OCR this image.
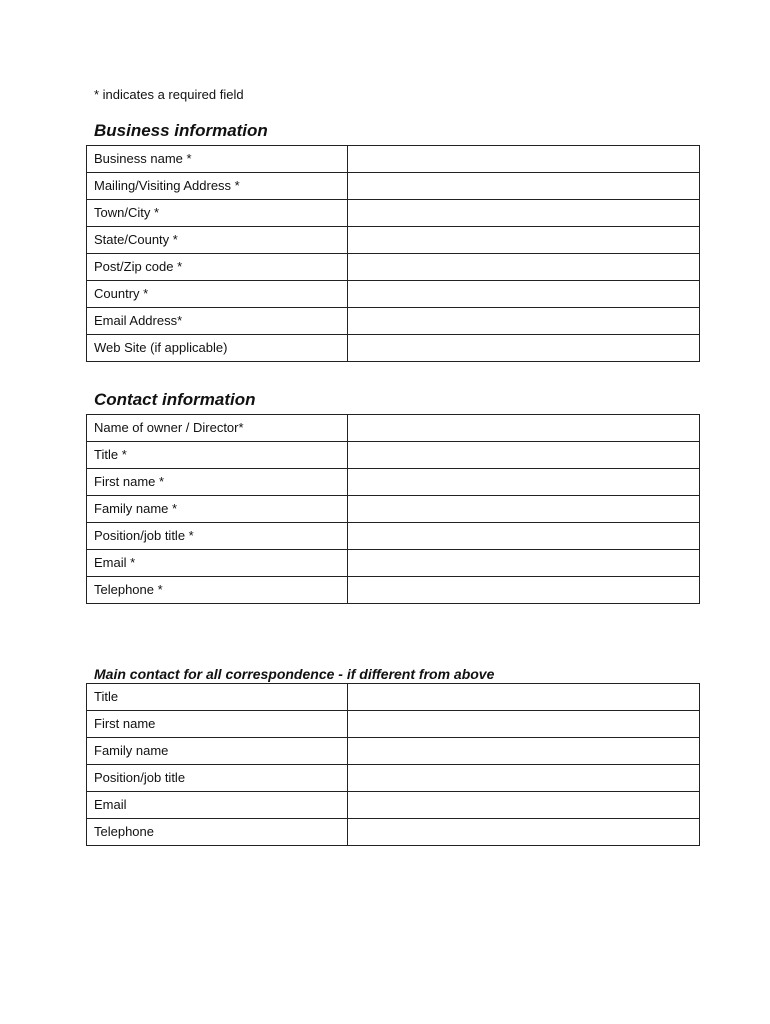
* indicates a required field
Business information
Business name *	

Mailing/Visiting Address *	

Town/City *	

State/County *	

Post/Zip code *	

Country *	

Email Address*	

Web Site (if applicable)	
Contact information
Name of owner / Director*	

Title *	

First name *	

Family name *	

Position/job title *	

Email *	

Telephone *	
Main contact for all correspondence - if different from above
Title	

First name	

Family name	

Position/job title	

Email	

Telephone	
